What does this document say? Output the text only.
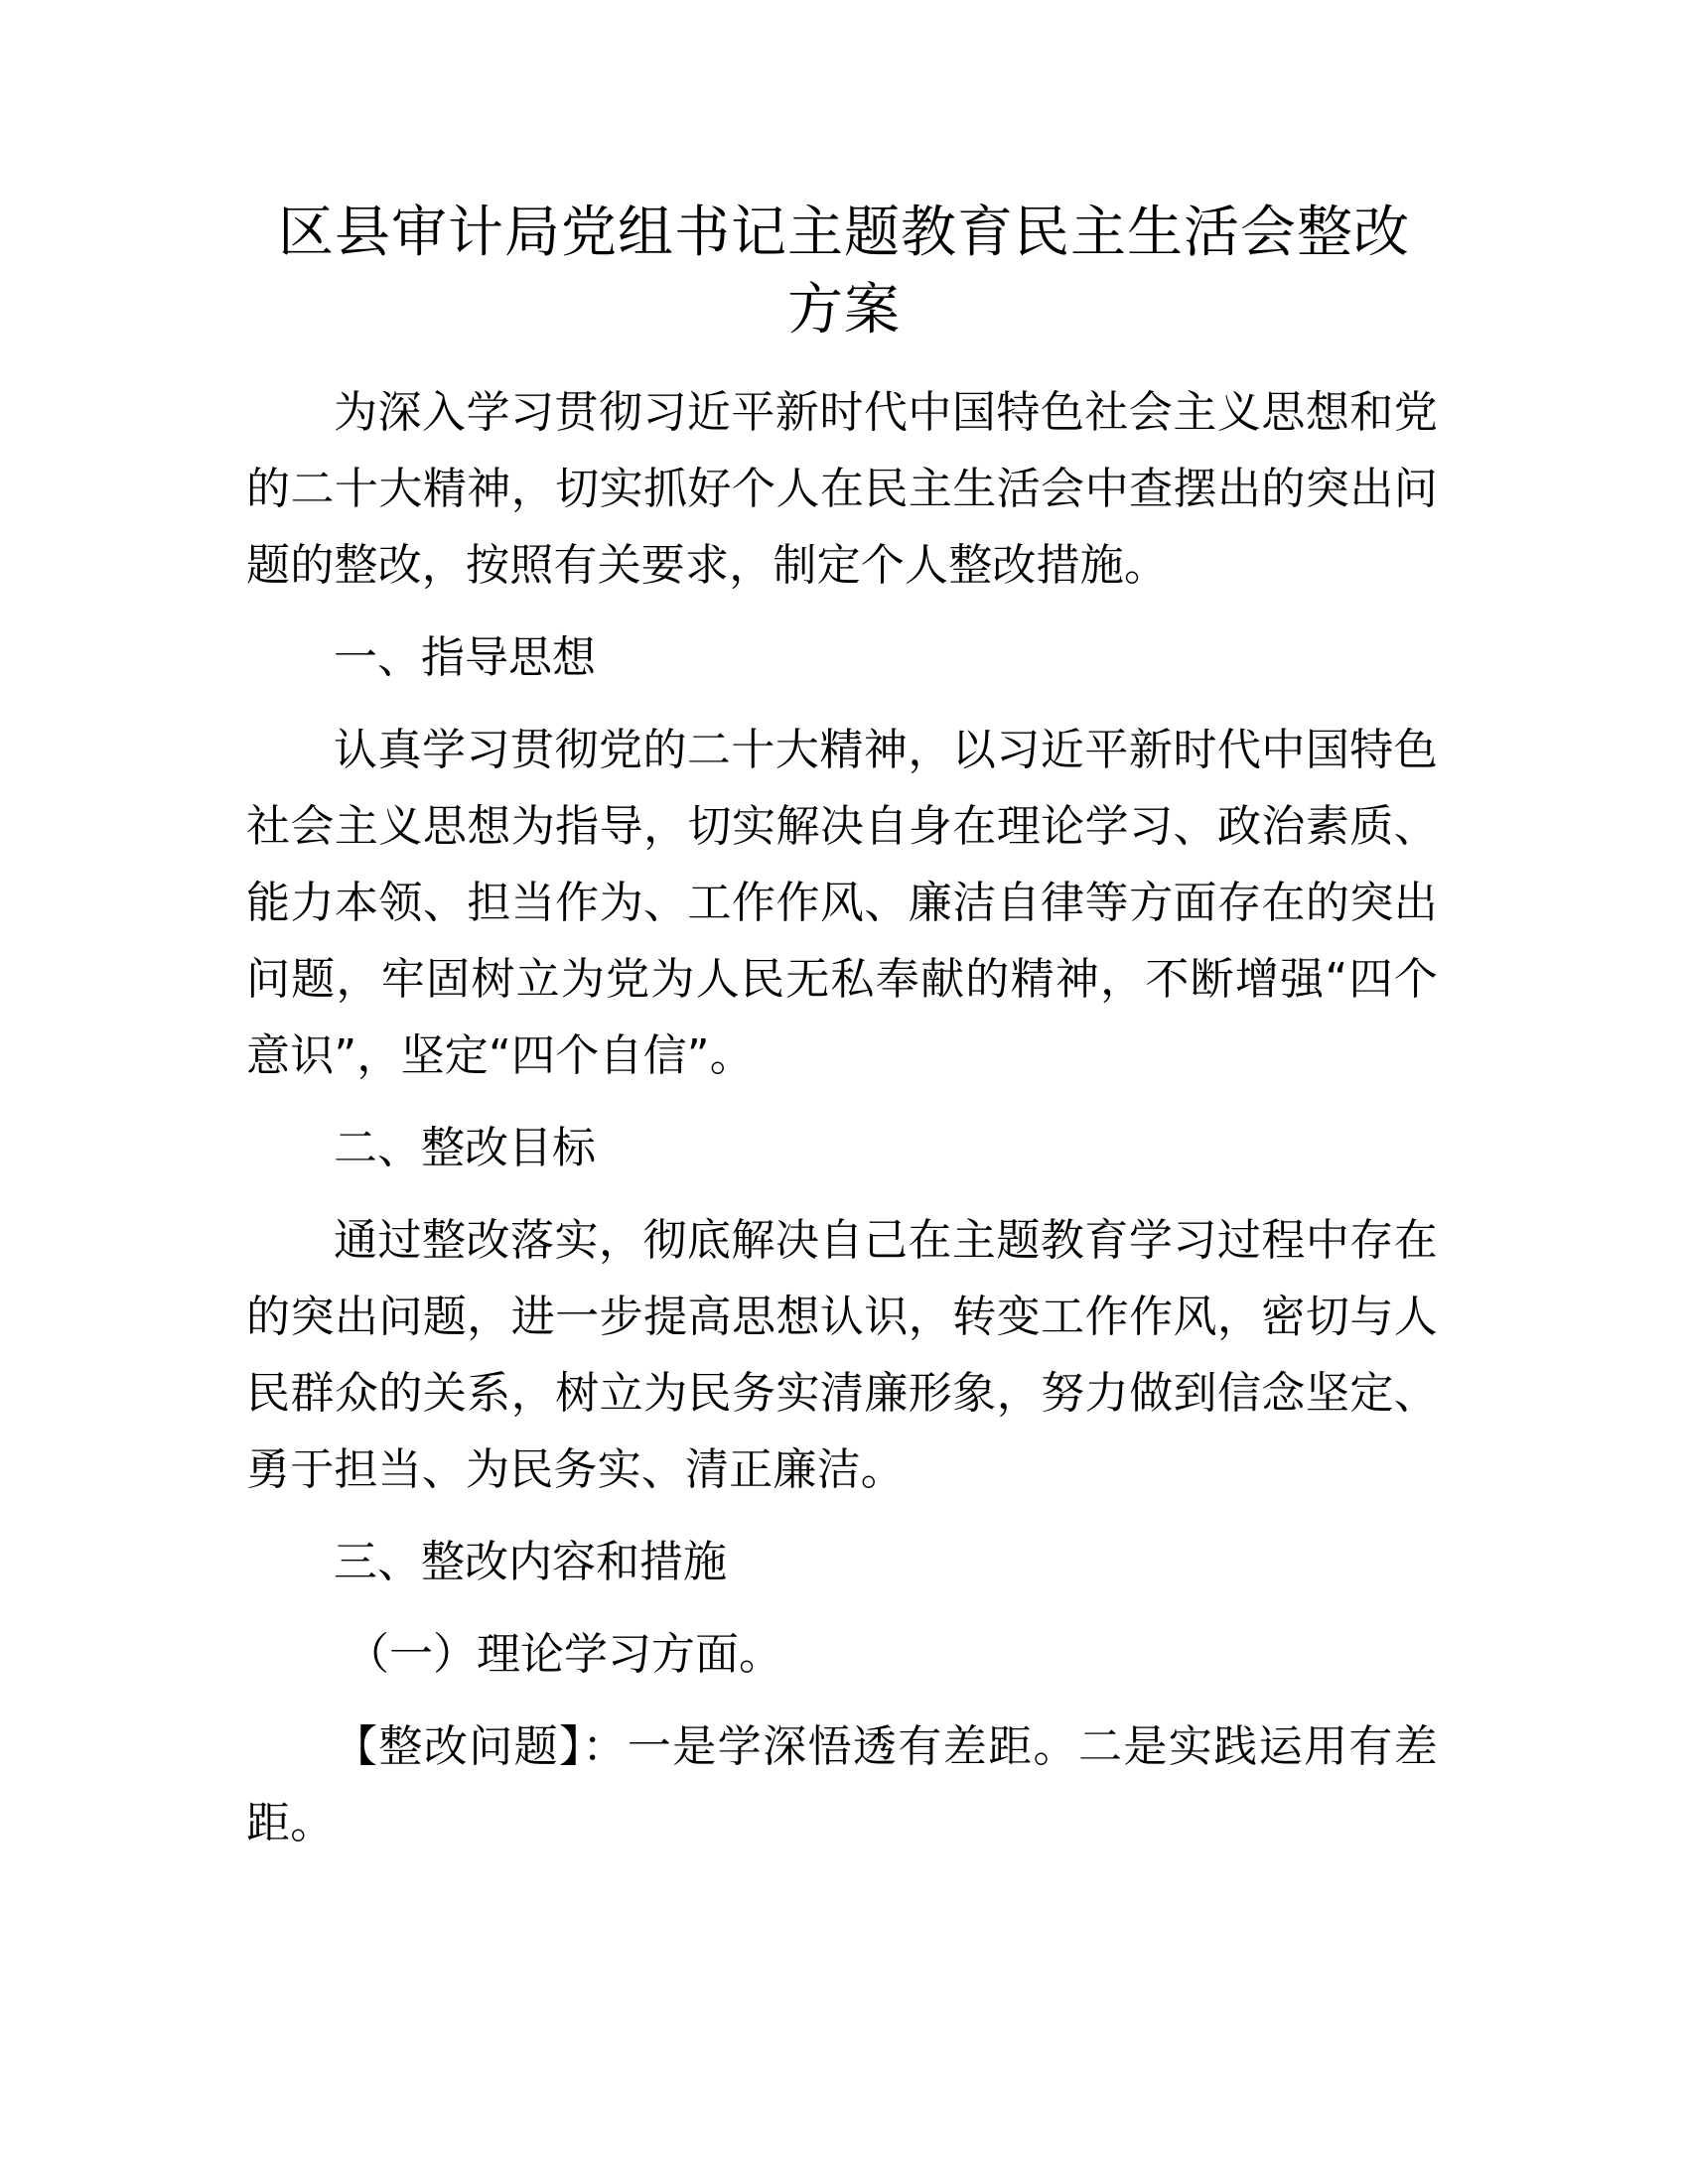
区县审计局党组书记主题教育民主生活会整改
方案

为深入学习贯彻习近平新时代中国特色社会主义思想和党的二十大精神，切实抓好个人在民主生活会中查摆出的突出问题的整改，按照有关要求，制定个人整改措施。

一、指导思想

认真学习贯彻党的二十大精神，以习近平新时代中国特色社会主义思想为指导，切实解决自身在理论学习、政治素质、能力本领、担当作为、工作作风、廉洁自律等方面存在的突出问题，牢固树立为党为人民无私奉献的精神，不断增强“四个意识”，坚定“四个自信”。

二、整改目标

通过整改落实，彻底解决自己在主题教育学习过程中存在的突出问题，进一步提高思想认识，转变工作作风，密切与人民群众的关系，树立为民务实清廉形象，努力做到信念坚定、勇于担当、为民务实、清正廉洁。

三、整改内容和措施

（一）理论学习方面。

【整改问题】：一是学深悟透有差距。二是实践运用有差距。
